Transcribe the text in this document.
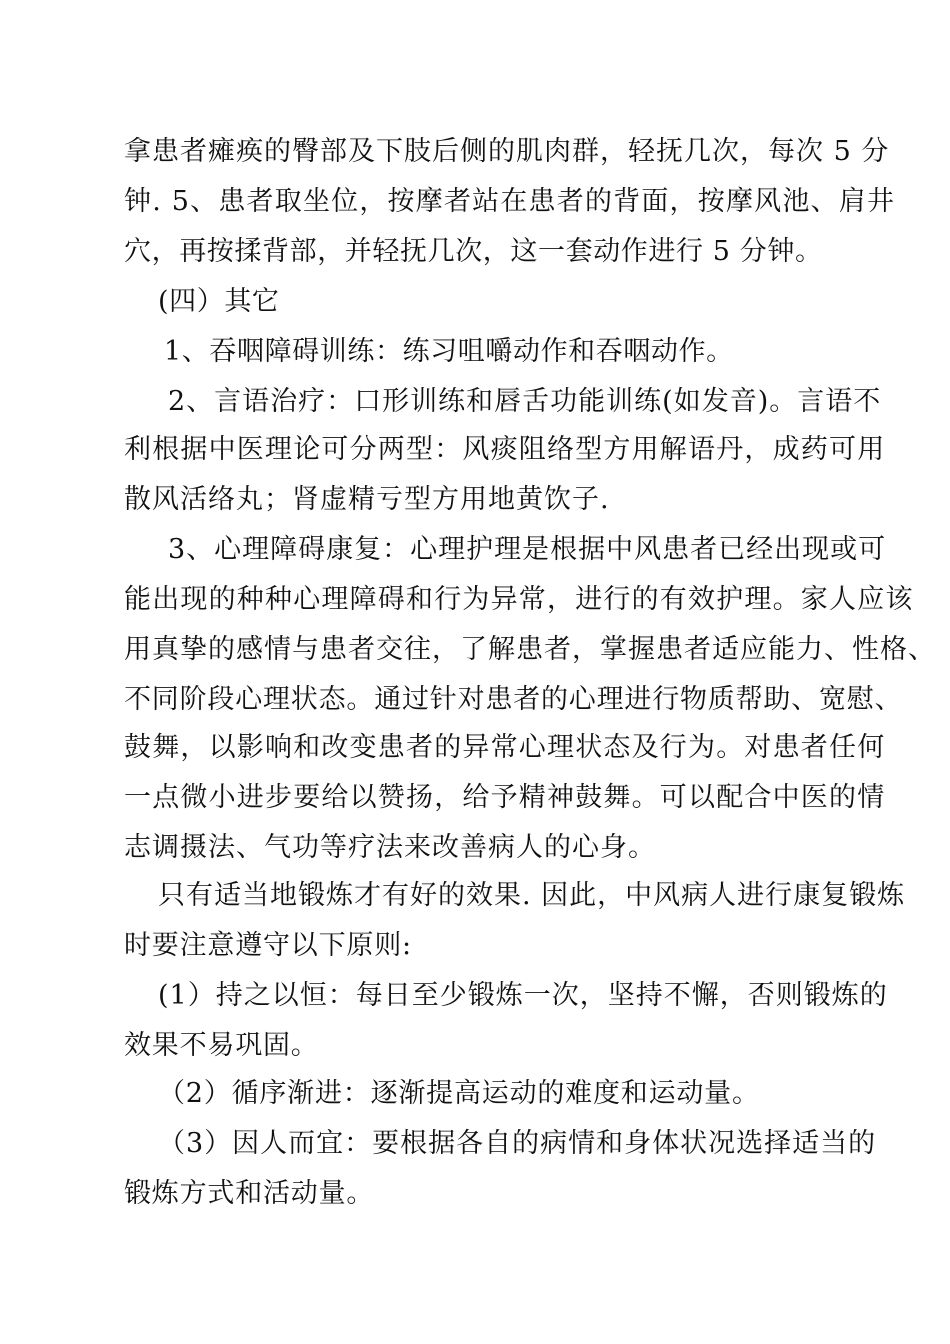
拿患者瘫痪的臀部及下肢后侧的肌肉群，轻抚几次，每次 5 分
钟. 5、患者取坐位，按摩者站在患者的背面，按摩风池、肩井
穴，再按揉背部，并轻抚几次，这一套动作进行 5 分钟。
(四）其它
1、吞咽障碍训练：练习咀嚼动作和吞咽动作。
2、言语治疗：口形训练和唇舌功能训练(如发音)。言语不
利根据中医理论可分两型：风痰阻络型方用解语丹，成药可用
散风活络丸；肾虚精亏型方用地黄饮子.
3、心理障碍康复：心理护理是根据中风患者已经出现或可
能出现的种种心理障碍和行为异常，进行的有效护理。家人应该
用真挚的感情与患者交往，了解患者，掌握患者适应能力、性格、
不同阶段心理状态。通过针对患者的心理进行物质帮助、宽慰、
鼓舞，以影响和改变患者的异常心理状态及行为。对患者任何
一点微小进步要给以赞扬，给予精神鼓舞。可以配合中医的情
志调摄法、气功等疗法来改善病人的心身。
只有适当地锻炼才有好的效果. 因此，中风病人进行康复锻炼
时要注意遵守以下原则:
(1）持之以恒：每日至少锻炼一次，坚持不懈，否则锻炼的
效果不易巩固。
（2）循序渐进：逐渐提高运动的难度和运动量。
（3）因人而宜：要根据各自的病情和身体状况选择适当的
锻炼方式和活动量。
